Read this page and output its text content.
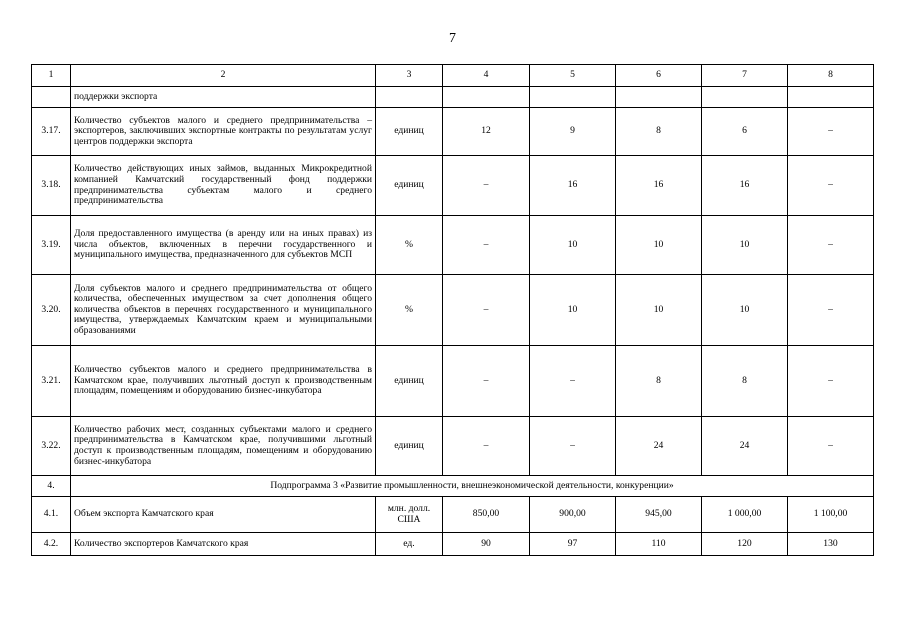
7
1	2	3	4	5	6	7	8
	поддержки экспорта						
3.17.	Количество субъектов малого и среднего предпринимательства – экспортеров, заключивших экспортные контракты по результатам услуг центров поддержки экспорта	единиц	12	9	8	6	–
3.18.	Количество действующих иных займов, выданных Микрокредитной компанией Камчатский государственный фонд поддержки предпринимательства субъектам малого и среднего предпринимательства	единиц	–	16	16	16	–
3.19.	Доля предоставленного имущества (в аренду или на иных правах) из числа объектов, включенных в перечни государственного и муниципального имущества, предназначенного для субъектов МСП	%	–	10	10	10	–
3.20.	Доля субъектов малого и среднего предпринимательства от общего количества, обеспеченных имуществом за счет дополнения общего количества объектов в перечнях государственного и муниципального имущества, утверждаемых Камчатским краем и муниципальными образованиями	%	–	10	10	10	–
3.21.	Количество субъектов малого и среднего предпринимательства в Камчатском крае, получивших льготный доступ к производственным площадям, помещениям и оборудованию бизнес-инкубатора	единиц	–	–	8	8	–
3.22.	Количество рабочих мест, созданных субъектами малого и среднего предпринимательства в Камчатском крае, получившими льготный доступ к производственным площадям, помещениям и оборудованию бизнес-инкубатора	единиц	–	–	24	24	–
4.	Подпрограмма 3 «Развитие промышленности, внешнеэкономической деятельности, конкуренции»						
4.1.	Объем экспорта Камчатского края	млн. долл. США	850,00	900,00	945,00	1 000,00	1 100,00
4.2.	Количество экспортеров Камчатского края	ед.	90	97	110	120	130
